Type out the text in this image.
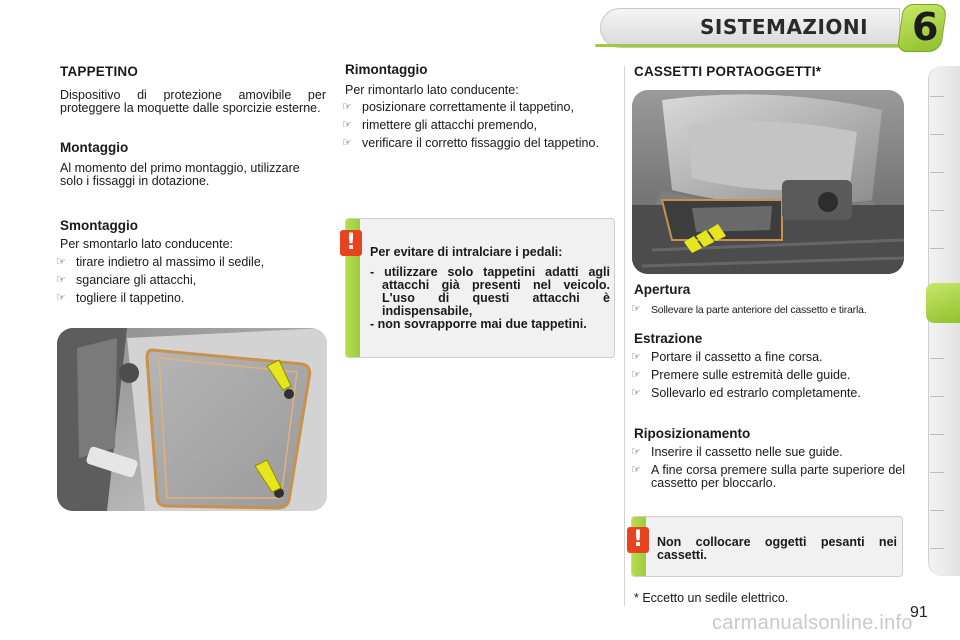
SISTEMAZIONI 6
TAPPETINO
Dispositivo di protezione amovibile per proteggere la moquette dalle sporcizie esterne.
Montaggio
Al momento del primo montaggio, utilizzare solo i fissaggi in dotazione.
Smontaggio
Per smontarlo lato conducente:
☞ tirare indietro al massimo il sedile,
☞ sganciare gli attacchi,
☞ togliere il tappetino.
Rimontaggio
Per rimontarlo lato conducente:
☞ posizionare correttamente il tappetino,
☞ rimettere gli attacchi premendo,
☞ verificare il corretto fissaggio del tappetino.
!	Per evitare di intralciare i pedali:
- utilizzare solo tappetini adatti agli attacchi già presenti nel veicolo. L'uso di questi attacchi è indispensabile,
- non sovrapporre mai due tappetini.
CASSETTI PORTAOGGETTI*
Apertura
☞ Sollevare la parte anteriore del cassetto e tirarla.
Estrazione
☞ Portare il cassetto a fine corsa.
☞ Premere sulle estremità delle guide.
☞ Sollevarlo ed estrarlo completamente.
Riposizionamento
☞ Inserire il cassetto nelle sue guide.
☞ A fine corsa premere sulla parte superiore del cassetto per bloccarlo.
!	Non collocare oggetti pesanti nei cassetti.
* Eccetto un sedile elettrico.
91
carmanualsonline.info
